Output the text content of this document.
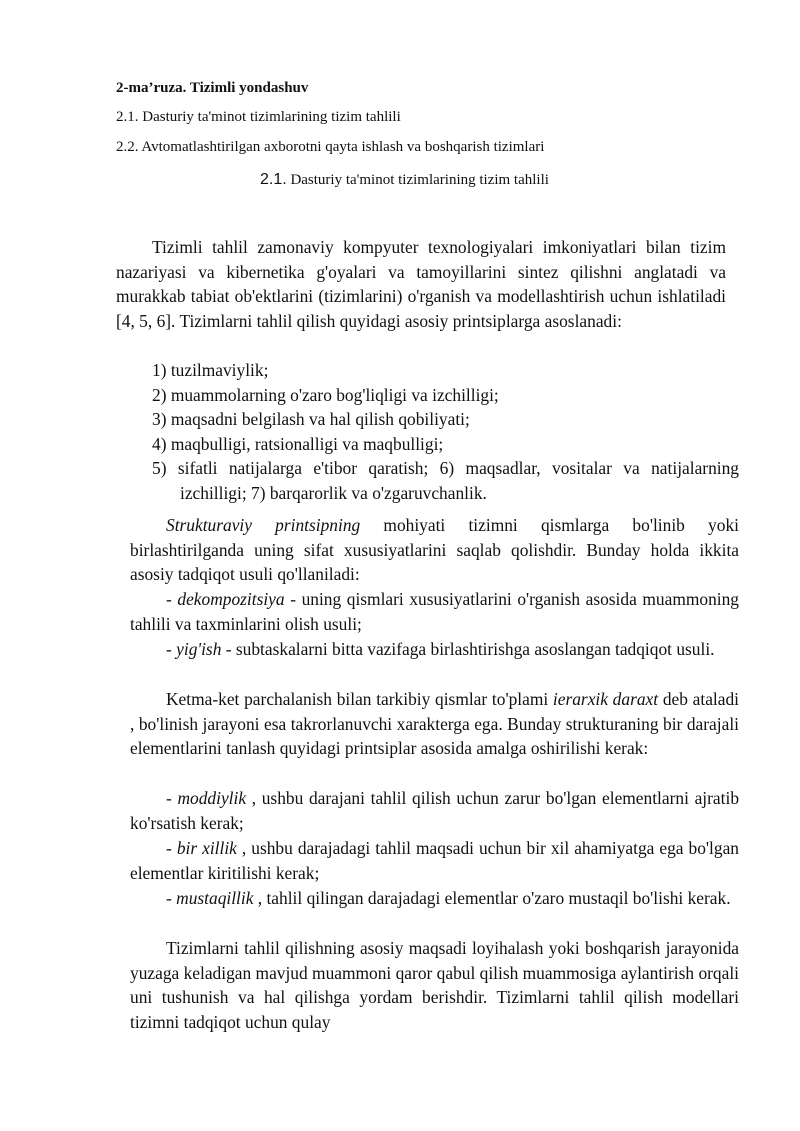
2-ma’ruza. Tizimli yondashuv

2.1. Dasturiy ta'minot tizimlarining tizim tahlili

2.2. Avtomatlashtirilgan axborotni qayta ishlash va boshqarish tizimlari

2.1. Dasturiy ta'minot tizimlarining tizim tahlili

Tizimli tahlil zamonaviy kompyuter texnologiyalari imkoniyatlari bilan tizim nazariyasi va kibernetika g'oyalari va tamoyillarini sintez qilishni anglatadi va murakkab tabiat ob'ektlarini (tizimlarini) o'rganish va modellashtirish uchun ishlatiladi [4, 5, 6]. Tizimlarni tahlil qilish quyidagi asosiy printsiplarga asoslanadi:

1) tuzilmaviylik;
2) muammolarning o'zaro bog'liqligi va izchilligi;
3) maqsadni belgilash va hal qilish qobiliyati;
4) maqbulligi, ratsionalligi va maqbulligi;
5) sifatli natijalarga e'tibor qaratish; 6) maqsadlar, vositalar va natijalarning izchilligi; 7) barqarorlik va o'zgaruvchanlik.

Strukturaviy printsipning mohiyati tizimni qismlarga bo'linib yoki birlashtirilganda uning sifat xususiyatlarini saqlab qolishdir. Bunday holda ikkita asosiy tadqiqot usuli qo'llaniladi:

- dekompozitsiya - uning qismlari xususiyatlarini o'rganish asosida muammoning tahlili va taxminlarini olish usuli;

- yig'ish - subtaskalarni bitta vazifaga birlashtirishga asoslangan tadqiqot usuli.

Ketma-ket parchalanish bilan tarkibiy qismlar to'plami ierarxik daraxt deb ataladi , bo'linish jarayoni esa takrorlanuvchi xarakterga ega. Bunday strukturaning bir darajali elementlarini tanlash quyidagi printsiplar asosida amalga oshirilishi kerak:

- moddiylik , ushbu darajani tahlil qilish uchun zarur bo'lgan elementlarni ajratib ko'rsatish kerak;

- bir xillik , ushbu darajadagi tahlil maqsadi uchun bir xil ahamiyatga ega bo'lgan elementlar kiritilishi kerak;

- mustaqillik , tahlil qilingan darajadagi elementlar o'zaro mustaqil bo'lishi kerak.

Tizimlarni tahlil qilishning asosiy maqsadi loyihalash yoki boshqarish jarayonida yuzaga keladigan mavjud muammoni qaror qabul qilish muammosiga aylantirish orqali uni tushunish va hal qilishga yordam berishdir. Tizimlarni tahlil qilish modellari tizimni tadqiqot uchun qulay
